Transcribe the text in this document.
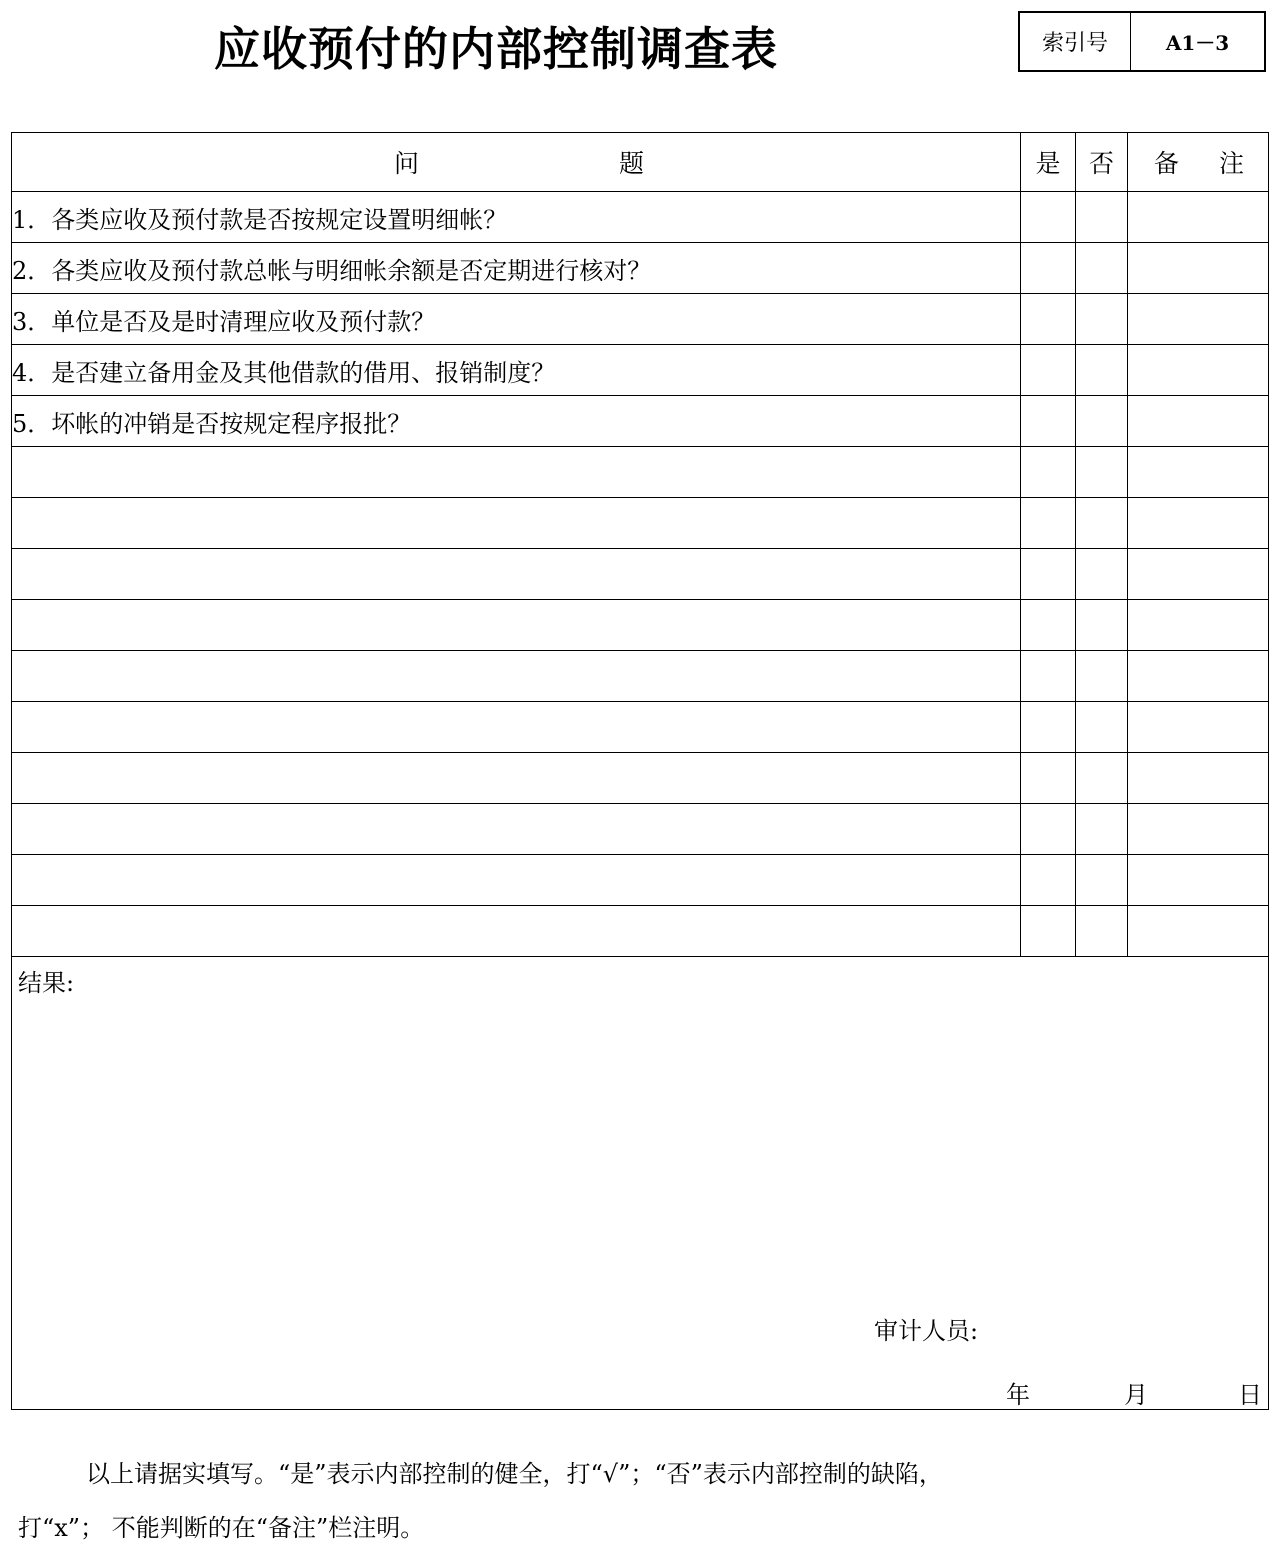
应收预付的内部控制调查表	索引号	A1－3
问 题	是	否	备 注

1．各类应收及预付款是否按规定设置明细帐？			
2．各类应收及预付款总帐与明细帐余额是否定期进行核对？			
3．单位是否及是时清理应收及预付款？			
4．是否建立备用金及其他借款的借用、报销制度？			
5．坏帐的冲销是否按规定程序报批？			

结果:
审计人员:
年 月 日			
以上请据实填写。“是”表示内部控制的健全，打“√”；“否”表示内部控制的缺陷，
打“x”； 不能判断的在“备注”栏注明。
